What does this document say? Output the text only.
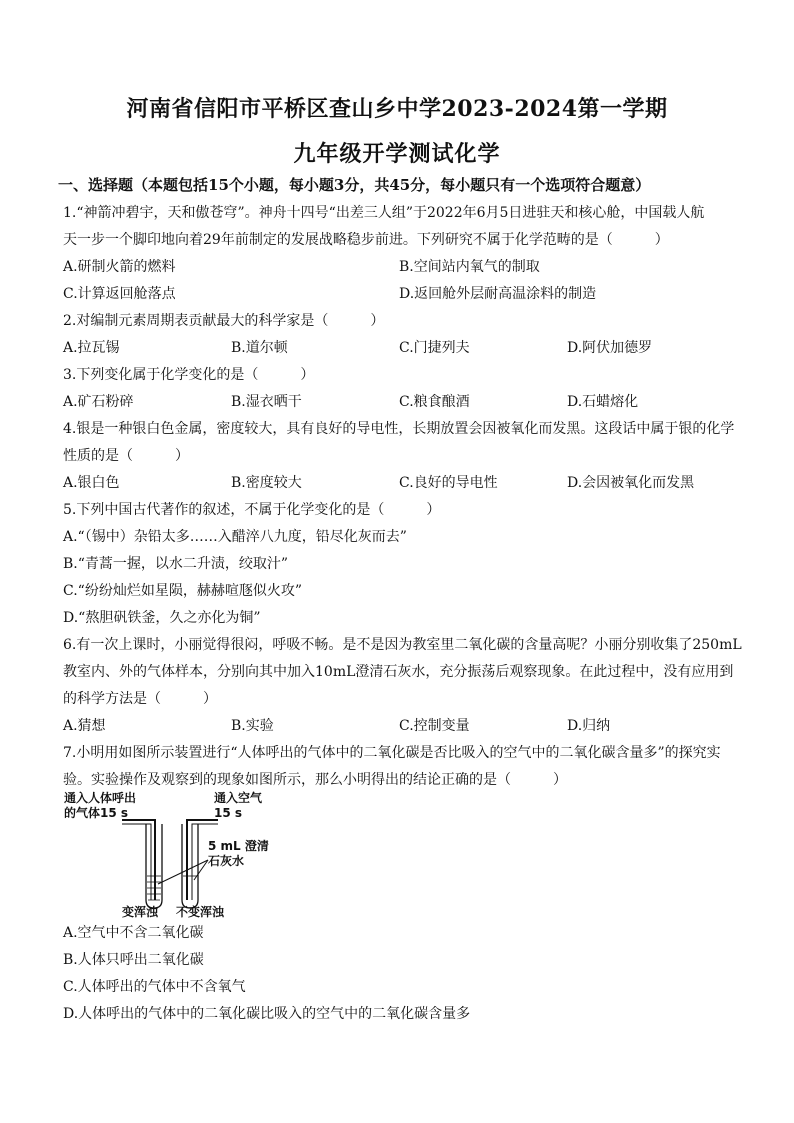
河南省信阳市平桥区查山乡中学2023-2024第一学期
九年级开学测试化学
一、选择题（本题包括15个小题，每小题3分，共45分，每小题只有一个选项符合题意）
1.“神箭冲碧宇，天和傲苍穹”。神舟十四号“出差三人组”于2022年6月5日进驻天和核心舱，中国载人航
天一步一个脚印地向着29年前制定的发展战略稳步前进。下列研究不属于化学范畴的是（　　　）
A.研制火箭的燃料	B.空间站内氧气的制取
C.计算返回舱落点	D.返回舱外层耐高温涂料的制造
2.对编制元素周期表贡献最大的科学家是（　　　）
A.拉瓦锡	B.道尔顿	C.门捷列夫	D.阿伏加德罗
3.下列变化属于化学变化的是（　　　）
A.矿石粉碎	B.湿衣晒干	C.粮食酿酒	D.石蜡熔化
4.银是一种银白色金属，密度较大，具有良好的导电性，长期放置会因被氧化而发黑。这段话中属于银的化学
性质的是（　　　）
A.银白色	B.密度较大	C.良好的导电性	D.会因被氧化而发黑
5.下列中国古代著作的叙述，不属于化学变化的是（　　　）
A.“（锡中）杂铅太多……入醋淬八九度，铅尽化灰而去”
B.“青蒿一握，以水二升渍，绞取汁”
C.“纷纷灿烂如星陨，赫赫喧豗似火攻”
D.“熬胆矾铁釜，久之亦化为铜”
6.有一次上课时，小丽觉得很闷，呼吸不畅。是不是因为教室里二氧化碳的含量高呢？小丽分别收集了250mL
教室内、外的气体样本，分别向其中加入10mL澄清石灰水，充分振荡后观察现象。在此过程中，没有应用到
的科学方法是（　　　）
A.猜想	B.实验	C.控制变量	D.归纳
7.小明用如图所示装置进行“人体呼出的气体中的二氧化碳是否比吸入的空气中的二氧化碳含量多”的探究实
验。实验操作及观察到的现象如图所示，那么小明得出的结论正确的是（　　　）
通入人体呼出
的气体15 s
通入空气
15 s
5 mL 澄清
石灰水
变浑浊 不变浑浊
A.空气中不含二氧化碳
B.人体只呼出二氧化碳
C.人体呼出的气体中不含氧气
D.人体呼出的气体中的二氧化碳比吸入的空气中的二氧化碳含量多
